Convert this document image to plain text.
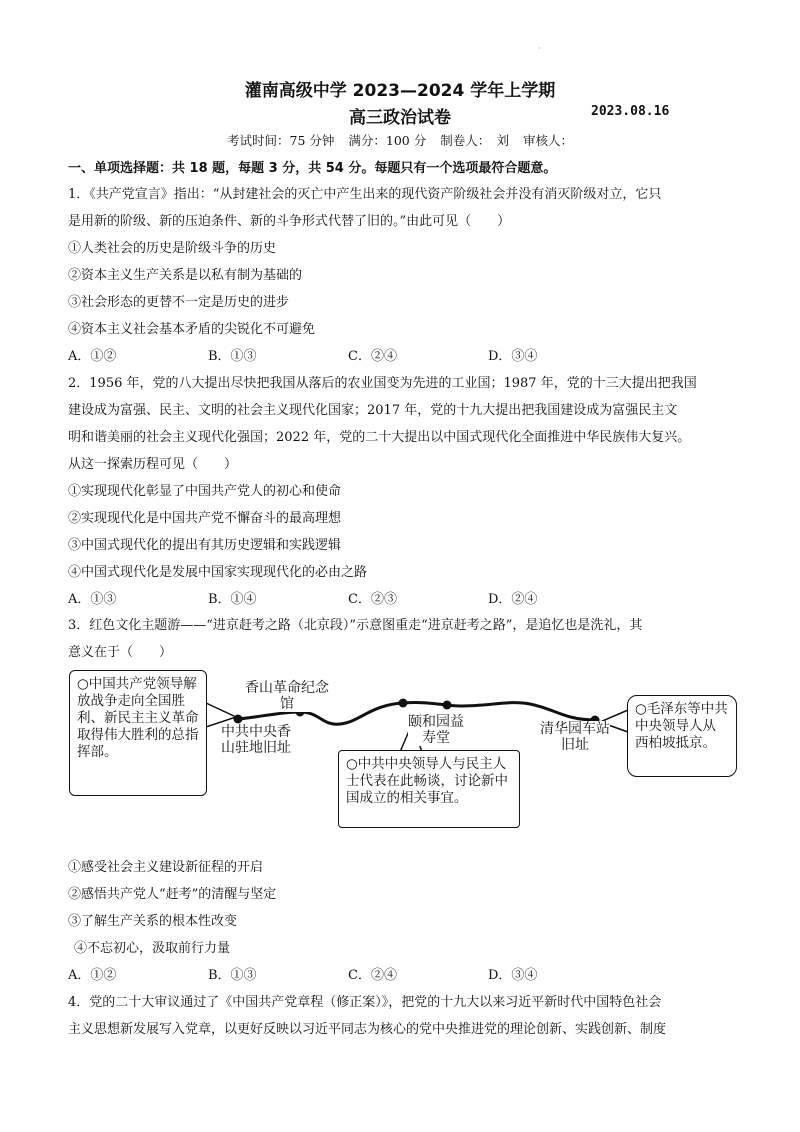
·
灌南高级中学 2023—2024 学年上学期
高三政治试卷	2023.08.16
考试时间：75 分钟 满分：100 分 制卷人：　刘 审核人：
一、单项选择题：共 18 题，每题 3 分，共 54 分。每题只有一个选项最符合题意。
1．《共产党宣言》指出：“从封建社会的灭亡中产生出来的现代资产阶级社会并没有消灭阶级对立，它只
是用新的阶级、新的压迫条件、新的斗争形式代替了旧的。”由此可见（　　）
①人类社会的历史是阶级斗争的历史
②资本主义生产关系是以私有制为基础的
③社会形态的更替不一定是历史的进步
④资本主义社会基本矛盾的尖锐化不可避免
A．①②	B．①③	C．②④	D．③④
2．1956 年，党的八大提出尽快把我国从落后的农业国变为先进的工业国；1987 年，党的十三大提出把我国
建设成为富强、民主、文明的社会主义现代化国家；2017 年，党的十九大提出把我国建设成为富强民主文
明和谐美丽的社会主义现代化强国；2022 年，党的二十大提出以中国式现代化全面推进中华民族伟大复兴。
从这一探索历程可见（　　）
①实现现代化彰显了中国共产党人的初心和使命
②实现现代化是中国共产党不懈奋斗的最高理想
③中国式现代化的提出有其历史逻辑和实践逻辑
④中国式现代化是发展中国家实现现代化的必由之路
A．①③	B．①④	C．②③	D．②④
3．红色文化主题游——“进京赶考之路（北京段）”示意图重走“进京赶考之路”，是追忆也是洗礼，其
意义在于（　　）
○中国共产党领导解放战争走向全国胜利、新民主主义革命取得伟大胜利的总指挥部。
○中共中央领导人与民主人士代表在此畅谈，讨论新中国成立的相关事宜。
○毛泽东等中共中央领导人从西柏坡抵京。
中共中央香山驻地旧址
香山革命纪念馆
颐和园益寿堂
清华园车站旧址
①感受社会主义建设新征程的开启
②感悟共产党人“赶考”的清醒与坚定
③了解生产关系的根本性改变
④不忘初心，汲取前行力量
A．①②	B．①③	C．②④	D．③④
4．党的二十大审议通过了《中国共产党章程（修正案）》，把党的十九大以来习近平新时代中国特色社会
主义思想新发展写入党章，以更好反映以习近平同志为核心的党中央推进党的理论创新、实践创新、制度
